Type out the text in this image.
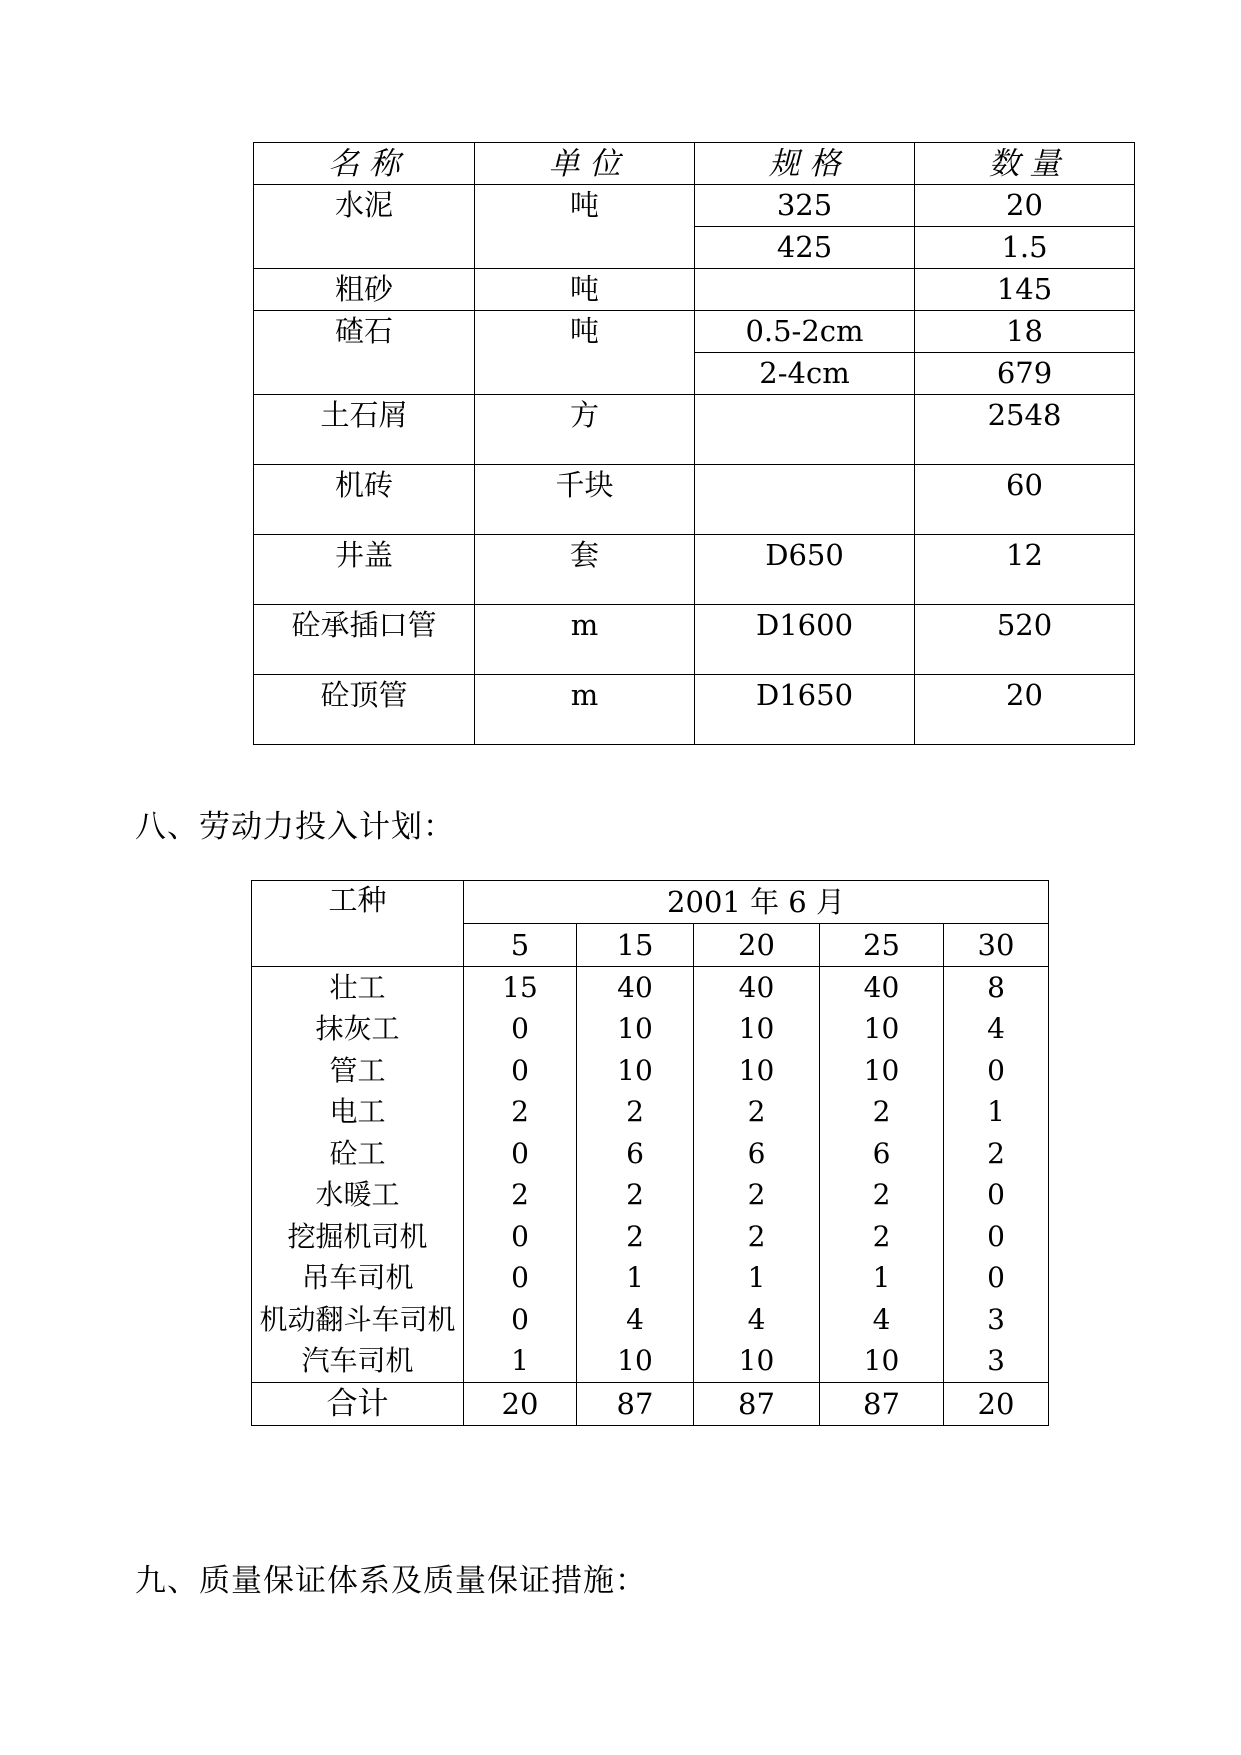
名 称	单 位	规 格	数 量
水泥	吨	325	20
		425	1.5
粗砂	吨		145
碴石	吨	0.5-2cm	18
		2-4cm	679
土石屑	方		2548
机砖	千块		60
井盖	套	D650	12
砼承插口管	m	D1600	520
砼顶管	m	D1650	20
八、劳动力投入计划：
工种	2001 年 6 月				
	5	15	20	25	30
壮工	15	40	40	40	8
抹灰工	0	10	10	10	4
管工	0	10	10	10	0
电工	2	2	2	2	1
砼工	0	6	6	6	2
水暖工	2	2	2	2	0
挖掘机司机	0	2	2	2	0
吊车司机	0	1	1	1	0
机动翻斗车司机	0	4	4	4	3
汽车司机	1	10	10	10	3
合计	20	87	87	87	20
九、质量保证体系及质量保证措施：
